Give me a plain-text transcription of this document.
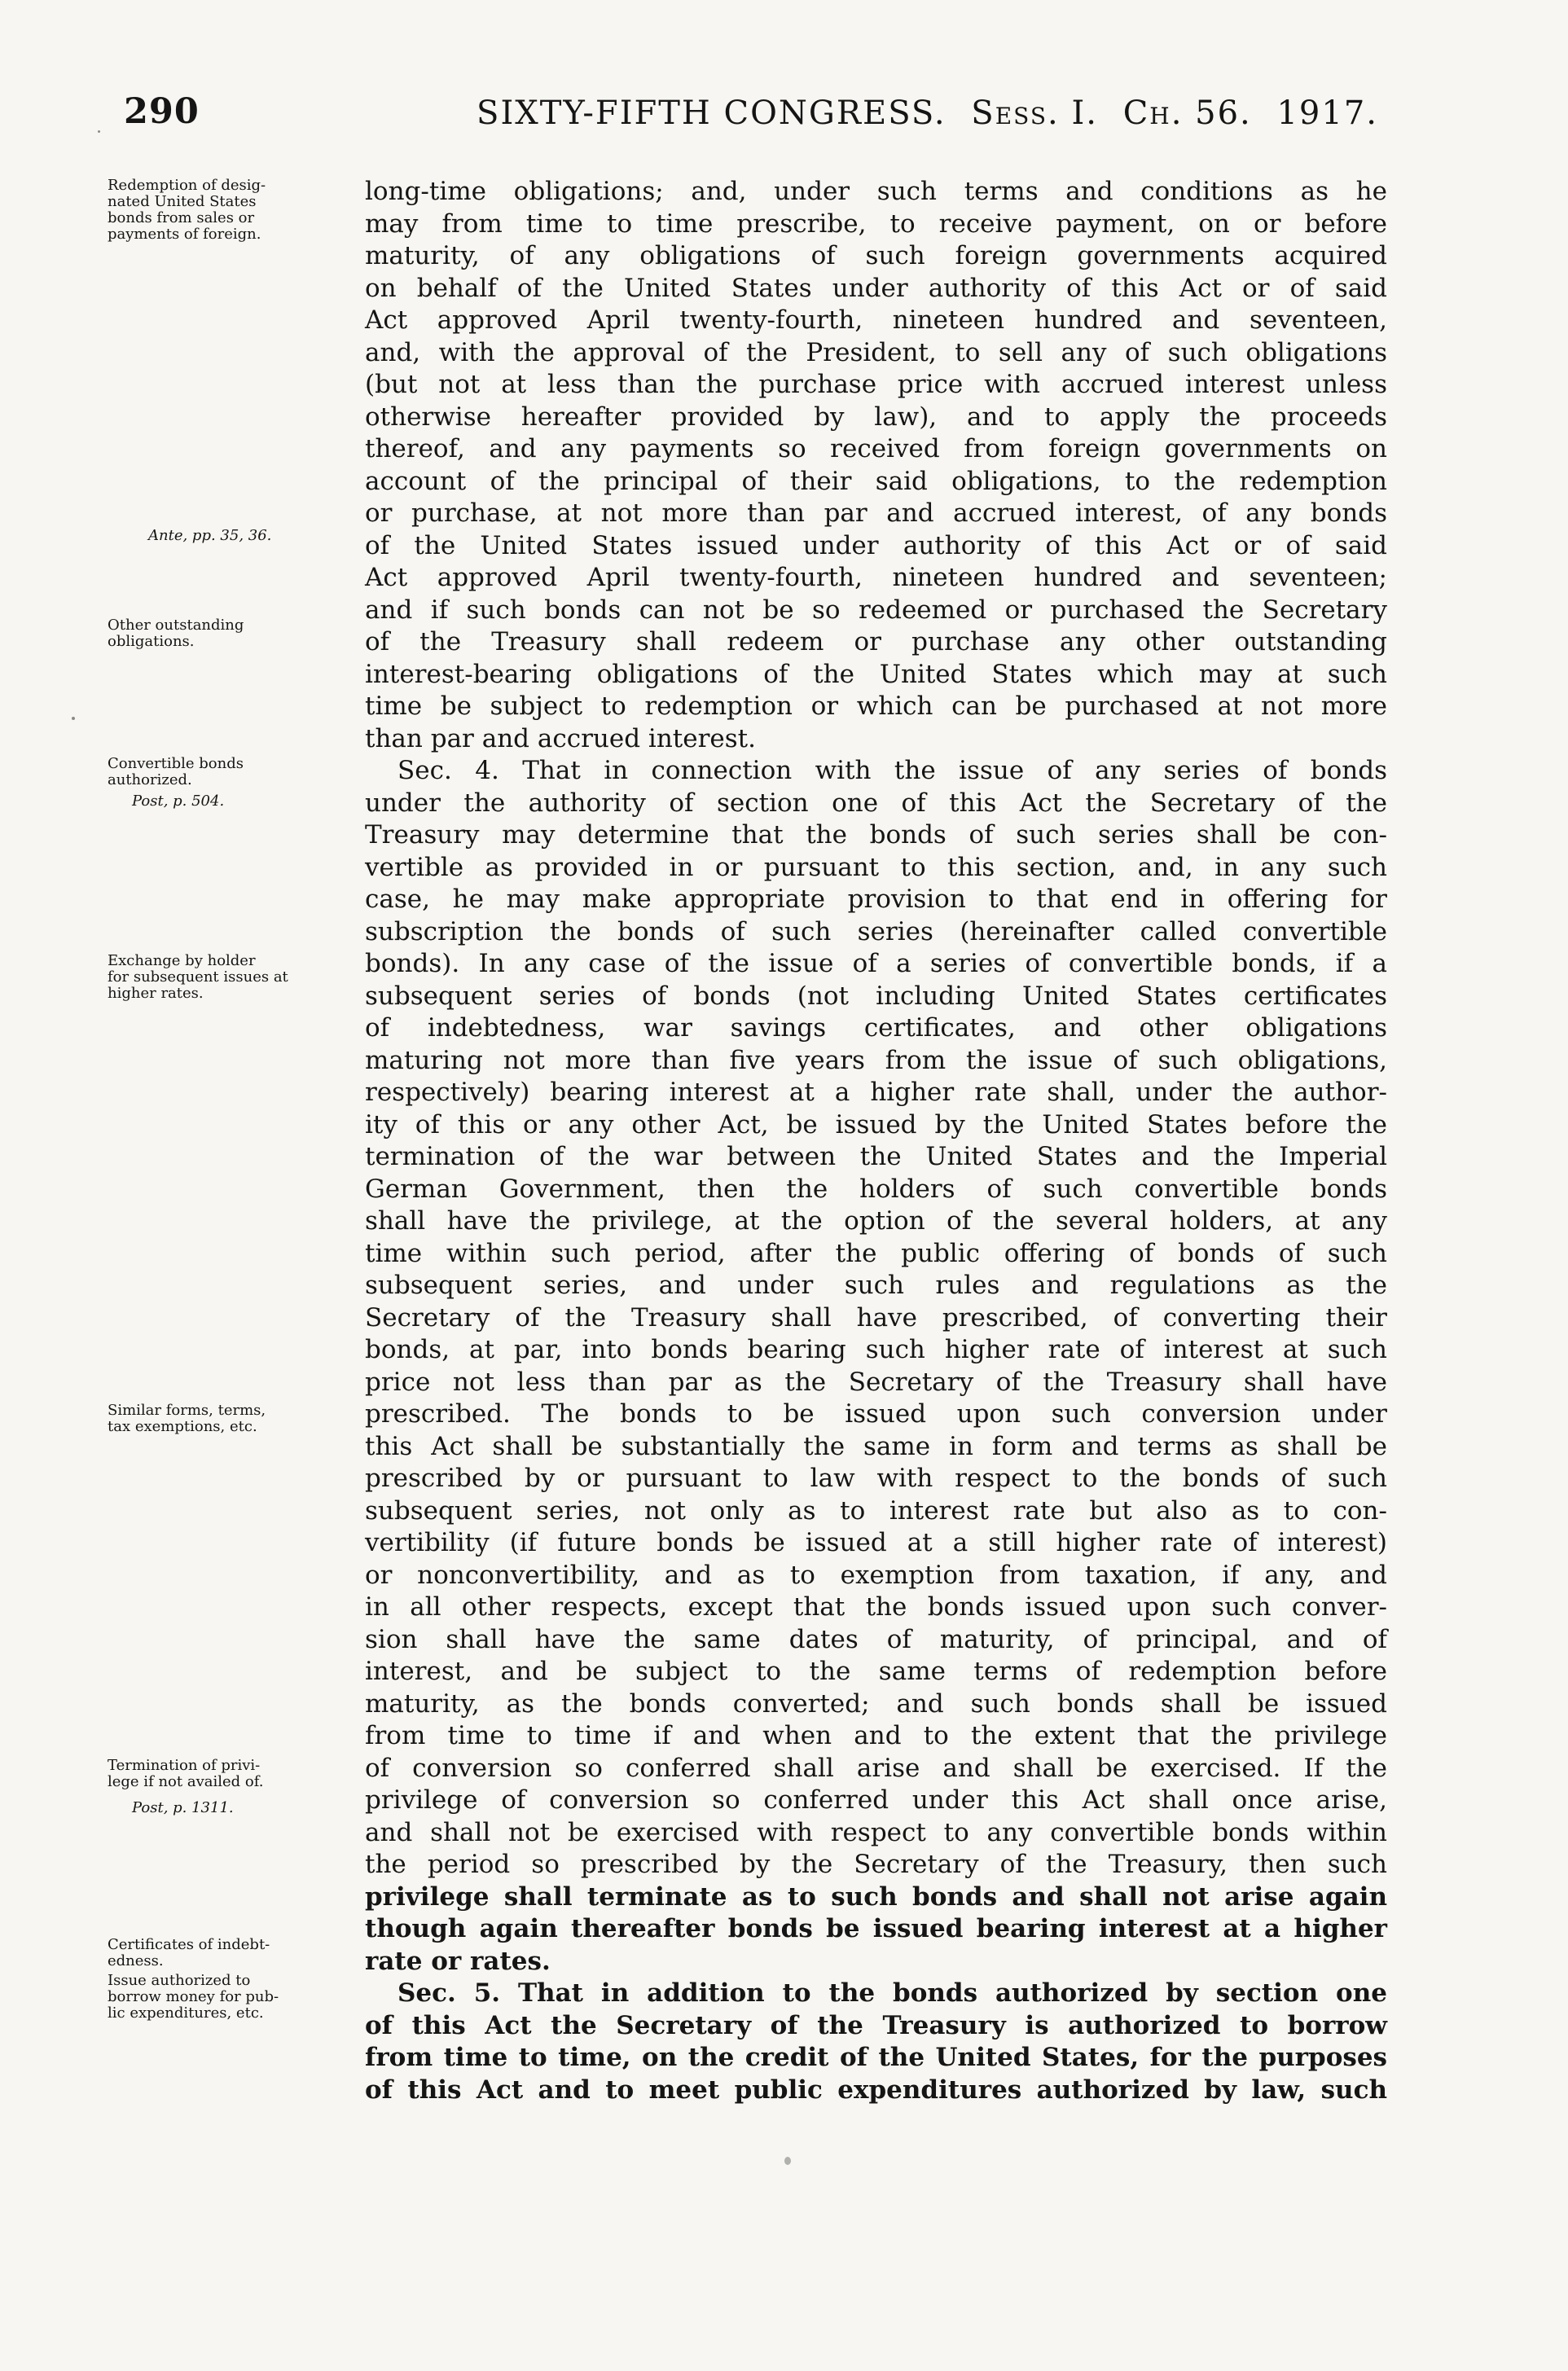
290	SIXTY-FIFTH CONGRESS. Sess. I. Ch. 56. 1917.
Redemption of desig-
nated United States
bonds from sales or
payments of foreign.
Ante, pp. 35, 36.
Other outstanding
obligations.
Convertible bonds
authorized.
Post, p. 504.
Exchange by holder
for subsequent issues at
higher rates.
Similar forms, terms,
tax exemptions, etc.
Termination of privi-
lege if not availed of.
Post, p. 1311.
Certificates of indebt-
edness.
Issue authorized to
borrow money for pub-
lic expenditures, etc.
long-time obligations; and, under such terms and conditions as he
may from time to time prescribe, to receive payment, on or before
maturity, of any obligations of such foreign governments acquired
on behalf of the United States under authority of this Act or of said
Act approved April twenty-fourth, nineteen hundred and seventeen,
and, with the approval of the President, to sell any of such obligations
(but not at less than the purchase price with accrued interest unless
otherwise hereafter provided by law), and to apply the proceeds
thereof, and any payments so received from foreign governments on
account of the principal of their said obligations, to the redemption
or purchase, at not more than par and accrued interest, of any bonds
of the United States issued under authority of this Act or of said
Act approved April twenty-fourth, nineteen hundred and seventeen;
and if such bonds can not be so redeemed or purchased the Secretary
of the Treasury shall redeem or purchase any other outstanding
interest-bearing obligations of the United States which may at such
time be subject to redemption or which can be purchased at not more
than par and accrued interest.
Sec. 4. That in connection with the issue of any series of bonds
under the authority of section one of this Act the Secretary of the
Treasury may determine that the bonds of such series shall be con-
vertible as provided in or pursuant to this section, and, in any such
case, he may make appropriate provision to that end in offering for
subscription the bonds of such series (hereinafter called convertible
bonds). In any case of the issue of a series of convertible bonds, if a
subsequent series of bonds (not including United States certificates
of indebtedness, war savings certificates, and other obligations
maturing not more than five years from the issue of such obligations,
respectively) bearing interest at a higher rate shall, under the author-
ity of this or any other Act, be issued by the United States before the
termination of the war between the United States and the Imperial
German Government, then the holders of such convertible bonds
shall have the privilege, at the option of the several holders, at any
time within such period, after the public offering of bonds of such
subsequent series, and under such rules and regulations as the
Secretary of the Treasury shall have prescribed, of converting their
bonds, at par, into bonds bearing such higher rate of interest at such
price not less than par as the Secretary of the Treasury shall have
prescribed. The bonds to be issued upon such conversion under
this Act shall be substantially the same in form and terms as shall be
prescribed by or pursuant to law with respect to the bonds of such
subsequent series, not only as to interest rate but also as to con-
vertibility (if future bonds be issued at a still higher rate of interest)
or nonconvertibility, and as to exemption from taxation, if any, and
in all other respects, except that the bonds issued upon such conver-
sion shall have the same dates of maturity, of principal, and of
interest, and be subject to the same terms of redemption before
maturity, as the bonds converted; and such bonds shall be issued
from time to time if and when and to the extent that the privilege
of conversion so conferred shall arise and shall be exercised. If the
privilege of conversion so conferred under this Act shall once arise,
and shall not be exercised with respect to any convertible bonds within
the period so prescribed by the Secretary of the Treasury, then such
privilege shall terminate as to such bonds and shall not arise again
though again thereafter bonds be issued bearing interest at a higher
rate or rates.
Sec. 5. That in addition to the bonds authorized by section one
of this Act the Secretary of the Treasury is authorized to borrow
from time to time, on the credit of the United States, for the purposes
of this Act and to meet public expenditures authorized by law, such
